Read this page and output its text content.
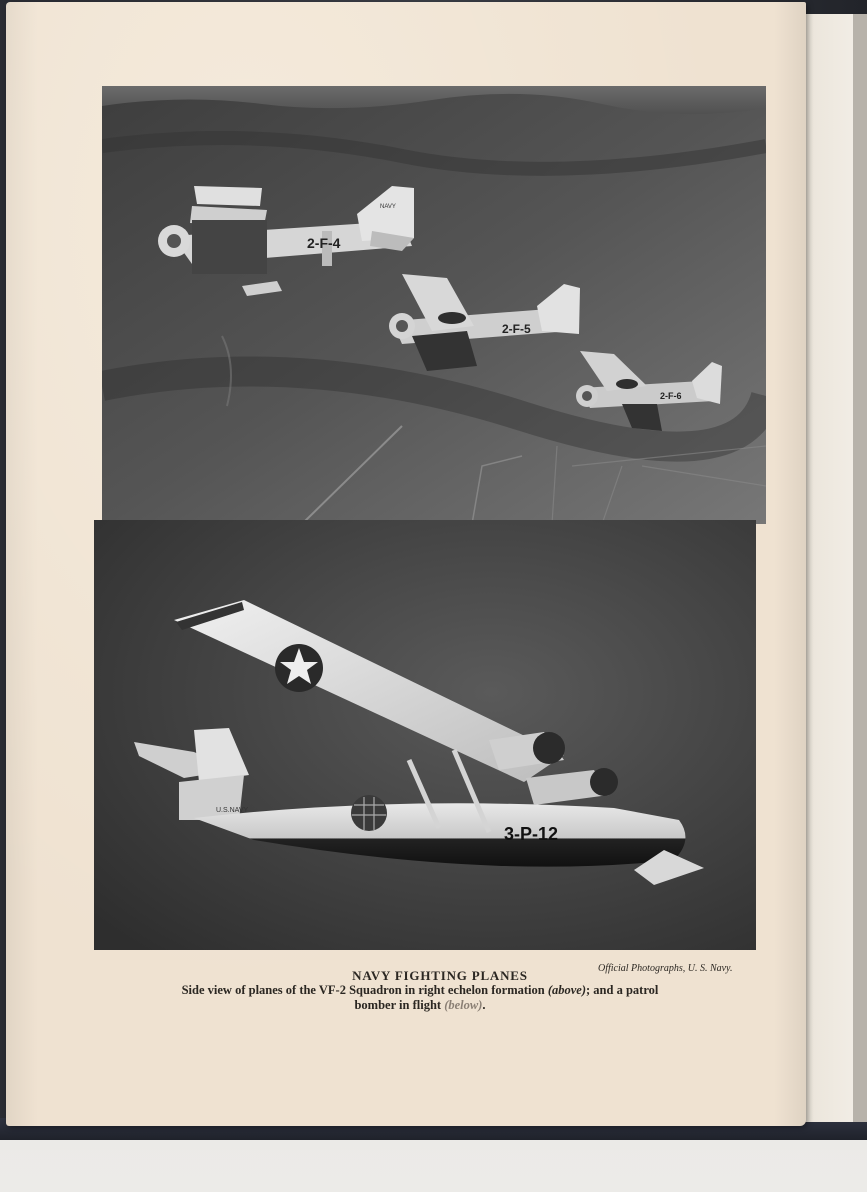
2-F-4
NAVY
2-F-5
2-F-6
U.S.NAVY
3-P-12
NAVY FIGHTING PLANES	Official Photographs, U. S. Navy.
Side view of planes of the VF-2 Squadron in right echelon formation (above); and a patrol
bomber in flight (below).
